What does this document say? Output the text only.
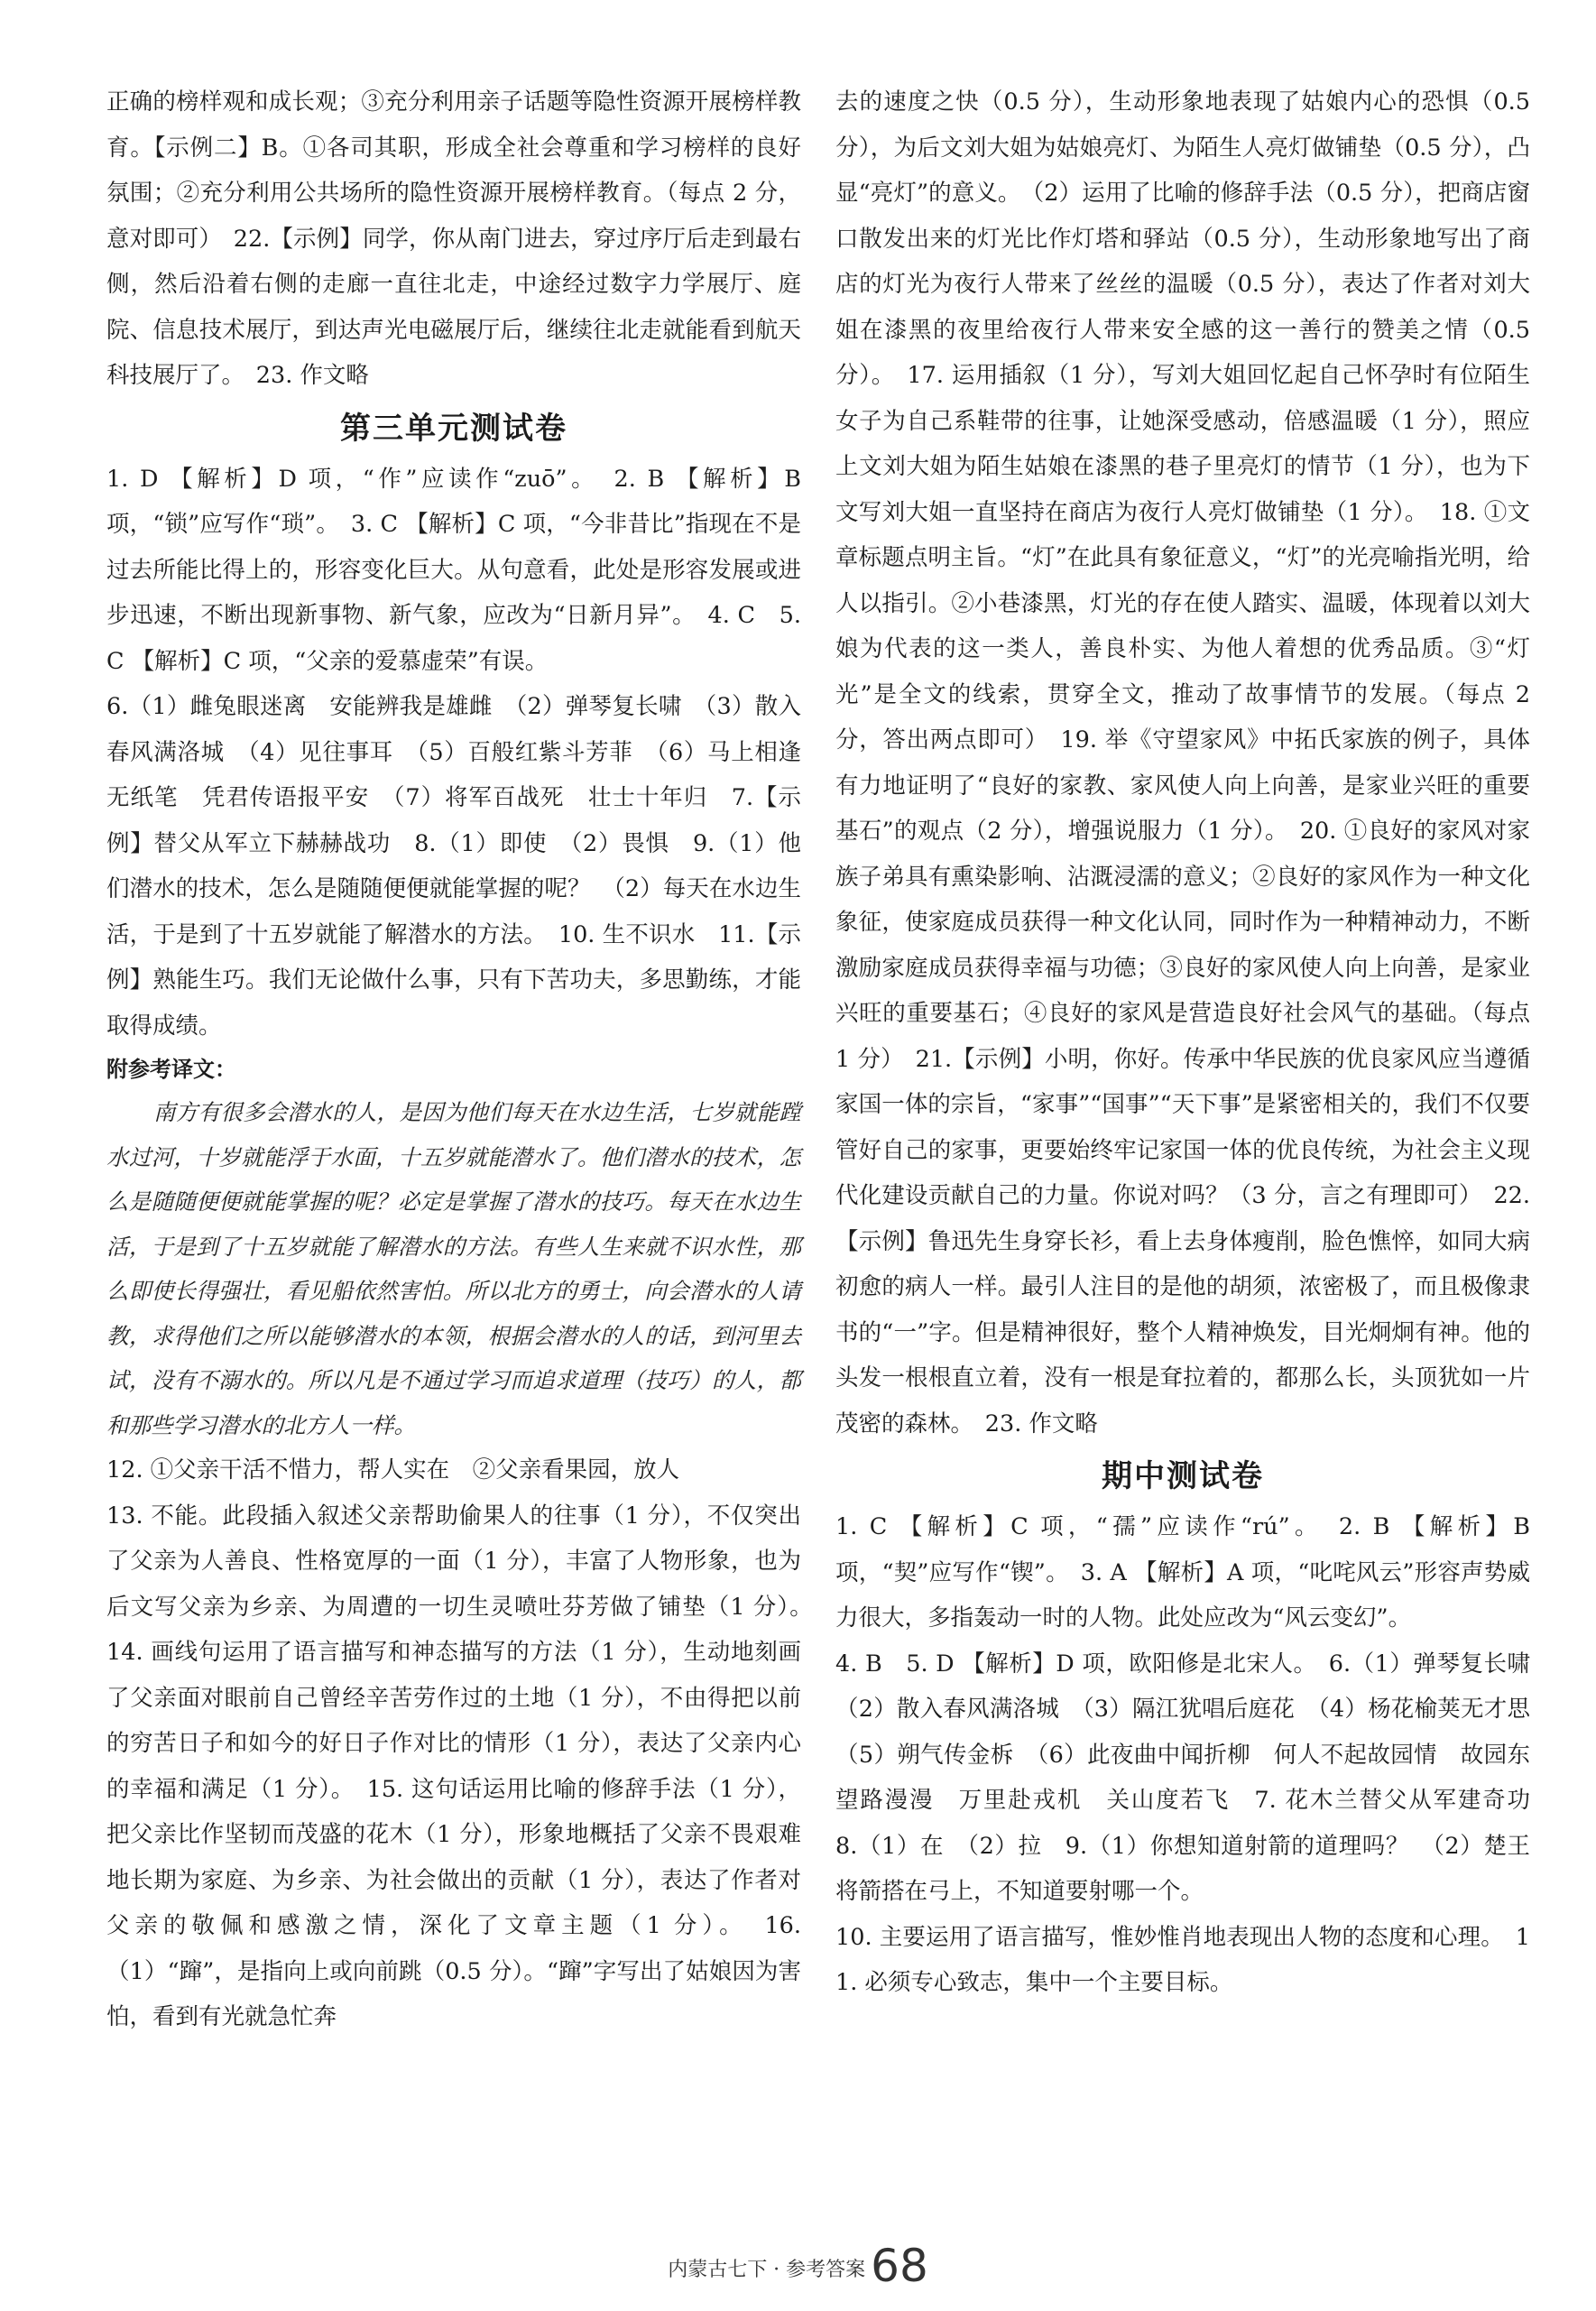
正确的榜样观和成长观；③充分利用亲子话题等隐性资源开展榜样教育。【示例二】B。①各司其职，形成全社会尊重和学习榜样的良好氛围；②充分利用公共场所的隐性资源开展榜样教育。（每点 2 分，意对即可）　22.【示例】同学，你从南门进去，穿过序厅后走到最右侧，然后沿着右侧的走廊一直往北走，中途经过数字力学展厅、庭院、信息技术展厅，到达声光电磁展厅后，继续往北走就能看到航天科技展厅了。　23. 作文略

第三单元测试卷

1. D 【解析】D 项，“作”应读作“zuō”。　2. B 【解析】B 项，“锁”应写作“琐”。　3. C 【解析】C 项，“今非昔比”指现在不是过去所能比得上的，形容变化巨大。从句意看，此处是形容发展或进步迅速，不断出现新事物、新气象，应改为“日新月异”。　4. C　5. C 【解析】C 项，“父亲的爱慕虚荣”有误。

6.（1）雌兔眼迷离　安能辨我是雄雌　（2）弹琴复长啸　（3）散入春风满洛城　（4）见往事耳　（5）百般红紫斗芳菲　（6）马上相逢无纸笔　凭君传语报平安　（7）将军百战死　壮士十年归　7.【示例】替父从军立下赫赫战功　8.（1）即使　（2）畏惧　9.（1）他们潜水的技术，怎么是随随便便就能掌握的呢？　（2）每天在水边生活，于是到了十五岁就能了解潜水的方法。　10. 生不识水　11.【示例】熟能生巧。我们无论做什么事，只有下苦功夫，多思勤练，才能取得成绩。

附参考译文：

南方有很多会潜水的人，是因为他们每天在水边生活，七岁就能蹚水过河，十岁就能浮于水面，十五岁就能潜水了。他们潜水的技术，怎么是随随便便就能掌握的呢？必定是掌握了潜水的技巧。每天在水边生活，于是到了十五岁就能了解潜水的方法。有些人生来就不识水性，那么即使长得强壮，看见船依然害怕。所以北方的勇士，向会潜水的人请教，求得他们之所以能够潜水的本领，根据会潜水的人的话，到河里去试，没有不溺水的。所以凡是不通过学习而追求道理（技巧）的人，都和那些学习潜水的北方人一样。

12. ①父亲干活不惜力，帮人实在　②父亲看果园，放人

13. 不能。此段插入叙述父亲帮助偷果人的往事（1 分），不仅突出了父亲为人善良、性格宽厚的一面（1 分），丰富了人物形象，也为后文写父亲为乡亲、为周遭的一切生灵喷吐芬芳做了铺垫（1 分）。　14. 画线句运用了语言描写和神态描写的方法（1 分），生动地刻画了父亲面对眼前自己曾经辛苦劳作过的土地（1 分），不由得把以前的穷苦日子和如今的好日子作对比的情形（1 分），表达了父亲内心的幸福和满足（1 分）。　15. 这句话运用比喻的修辞手法（1 分），把父亲比作坚韧而茂盛的花木（1 分），形象地概括了父亲不畏艰难地长期为家庭、为乡亲、为社会做出的贡献（1 分），表达了作者对父亲的敬佩和感激之情，深化了文章主题（1 分）。　16.（1）“蹿”，是指向上或向前跳（0.5 分）。“蹿”字写出了姑娘因为害怕，看到有光就急忙奔

去的速度之快（0.5 分），生动形象地表现了姑娘内心的恐惧（0.5 分），为后文刘大姐为姑娘亮灯、为陌生人亮灯做铺垫（0.5 分），凸显“亮灯”的意义。　（2）运用了比喻的修辞手法（0.5 分），把商店窗口散发出来的灯光比作灯塔和驿站（0.5 分），生动形象地写出了商店的灯光为夜行人带来了丝丝的温暖（0.5 分），表达了作者对刘大姐在漆黑的夜里给夜行人带来安全感的这一善行的赞美之情（0.5 分）。　17. 运用插叙（1 分），写刘大姐回忆起自己怀孕时有位陌生女子为自己系鞋带的往事，让她深受感动，倍感温暖（1 分），照应上文刘大姐为陌生姑娘在漆黑的巷子里亮灯的情节（1 分），也为下文写刘大姐一直坚持在商店为夜行人亮灯做铺垫（1 分）。　18. ①文章标题点明主旨。“灯”在此具有象征意义，“灯”的光亮喻指光明，给人以指引。②小巷漆黑，灯光的存在使人踏实、温暖，体现着以刘大娘为代表的这一类人，善良朴实、为他人着想的优秀品质。③“灯光”是全文的线索，贯穿全文，推动了故事情节的发展。（每点 2 分，答出两点即可）　19. 举《守望家风》中拓氏家族的例子，具体有力地证明了“良好的家教、家风使人向上向善，是家业兴旺的重要基石”的观点（2 分），增强说服力（1 分）。　20. ①良好的家风对家族子弟具有熏染影响、沾溉浸濡的意义；②良好的家风作为一种文化象征，使家庭成员获得一种文化认同，同时作为一种精神动力，不断激励家庭成员获得幸福与功德；③良好的家风使人向上向善，是家业兴旺的重要基石；④良好的家风是营造良好社会风气的基础。（每点 1 分）　21.【示例】小明，你好。传承中华民族的优良家风应当遵循家国一体的宗旨，“家事”“国事”“天下事”是紧密相关的，我们不仅要管好自己的家事，更要始终牢记家国一体的优良传统，为社会主义现代化建设贡献自己的力量。你说对吗？（3 分，言之有理即可）　22.【示例】鲁迅先生身穿长衫，看上去身体瘦削，脸色憔悴，如同大病初愈的病人一样。最引人注目的是他的胡须，浓密极了，而且极像隶书的“一”字。但是精神很好，整个人精神焕发，目光炯炯有神。他的头发一根根直立着，没有一根是耷拉着的，都那么长，头顶犹如一片茂密的森林。　23. 作文略

期中测试卷

1. C 【解析】C 项，“孺”应读作“rú”。　2. B 【解析】B 项，“契”应写作“锲”。　3. A 【解析】A 项，“叱咤风云”形容声势威力很大，多指轰动一时的人物。此处应改为“风云变幻”。

4. B　5. D 【解析】D 项，欧阳修是北宋人。　6.（1）弹琴复长啸　（2）散入春风满洛城　（3）隔江犹唱后庭花　（4）杨花榆荚无才思　（5）朔气传金柝　（6）此夜曲中闻折柳　何人不起故园情　故园东望路漫漫　万里赴戎机　关山度若飞　7. 花木兰替父从军建奇功　8.（1）在　（2）拉　9.（1）你想知道射箭的道理吗？　（2）楚王将箭搭在弓上，不知道要射哪一个。

10. 主要运用了语言描写，惟妙惟肖地表现出人物的态度和心理。　11. 必须专心致志，集中一个主要目标。

内蒙古七下 · 参考答案 68
